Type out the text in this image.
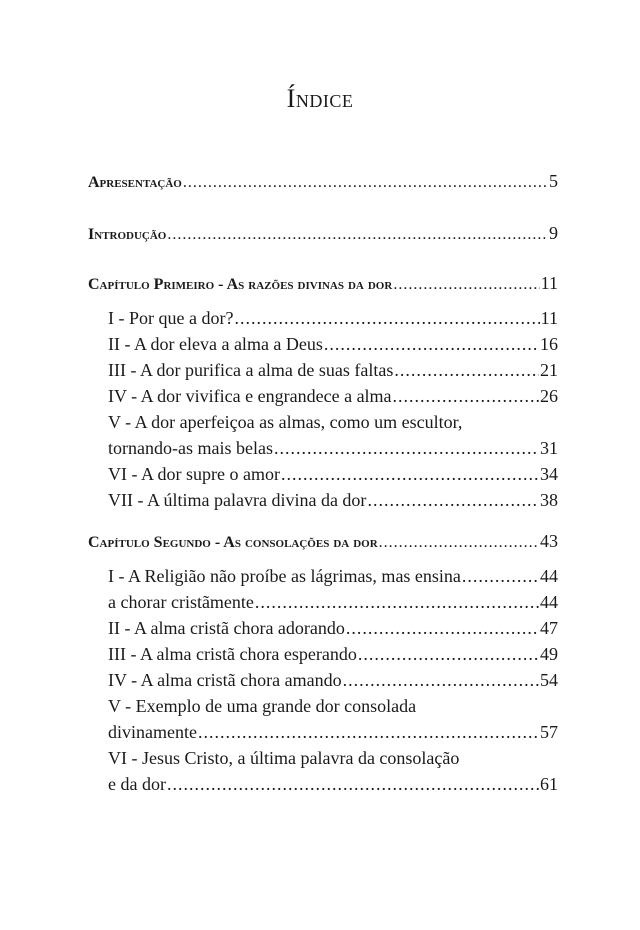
Índice
Apresentação .....	5
Introdução .....	9
Capítulo Primeiro - As razões divinas da dor .....	11
I - Por que a dor? .....	11
II - A dor eleva a alma a Deus .....	16
III - A dor purifica a alma de suas faltas .....	21
IV - A dor vivifica e engrandece a alma .....	26
V - A dor aperfeiçoa as almas, como um escultor,
tornando-as mais belas .....	31
VI - A dor supre o amor .....	34
VII - A última palavra divina da dor .....	38
Capítulo Segundo - As consolações da dor .....	43
I - A Religião não proíbe as lágrimas, mas ensina .....	44
a chorar cristãmente .....	44
II - A alma cristã chora adorando .....	47
III - A alma cristã chora esperando .....	49
IV - A alma cristã chora amando .....	54
V - Exemplo de uma grande dor consolada
divinamente .....	57
VI - Jesus Cristo, a última palavra da consolação
e da dor .....	61
